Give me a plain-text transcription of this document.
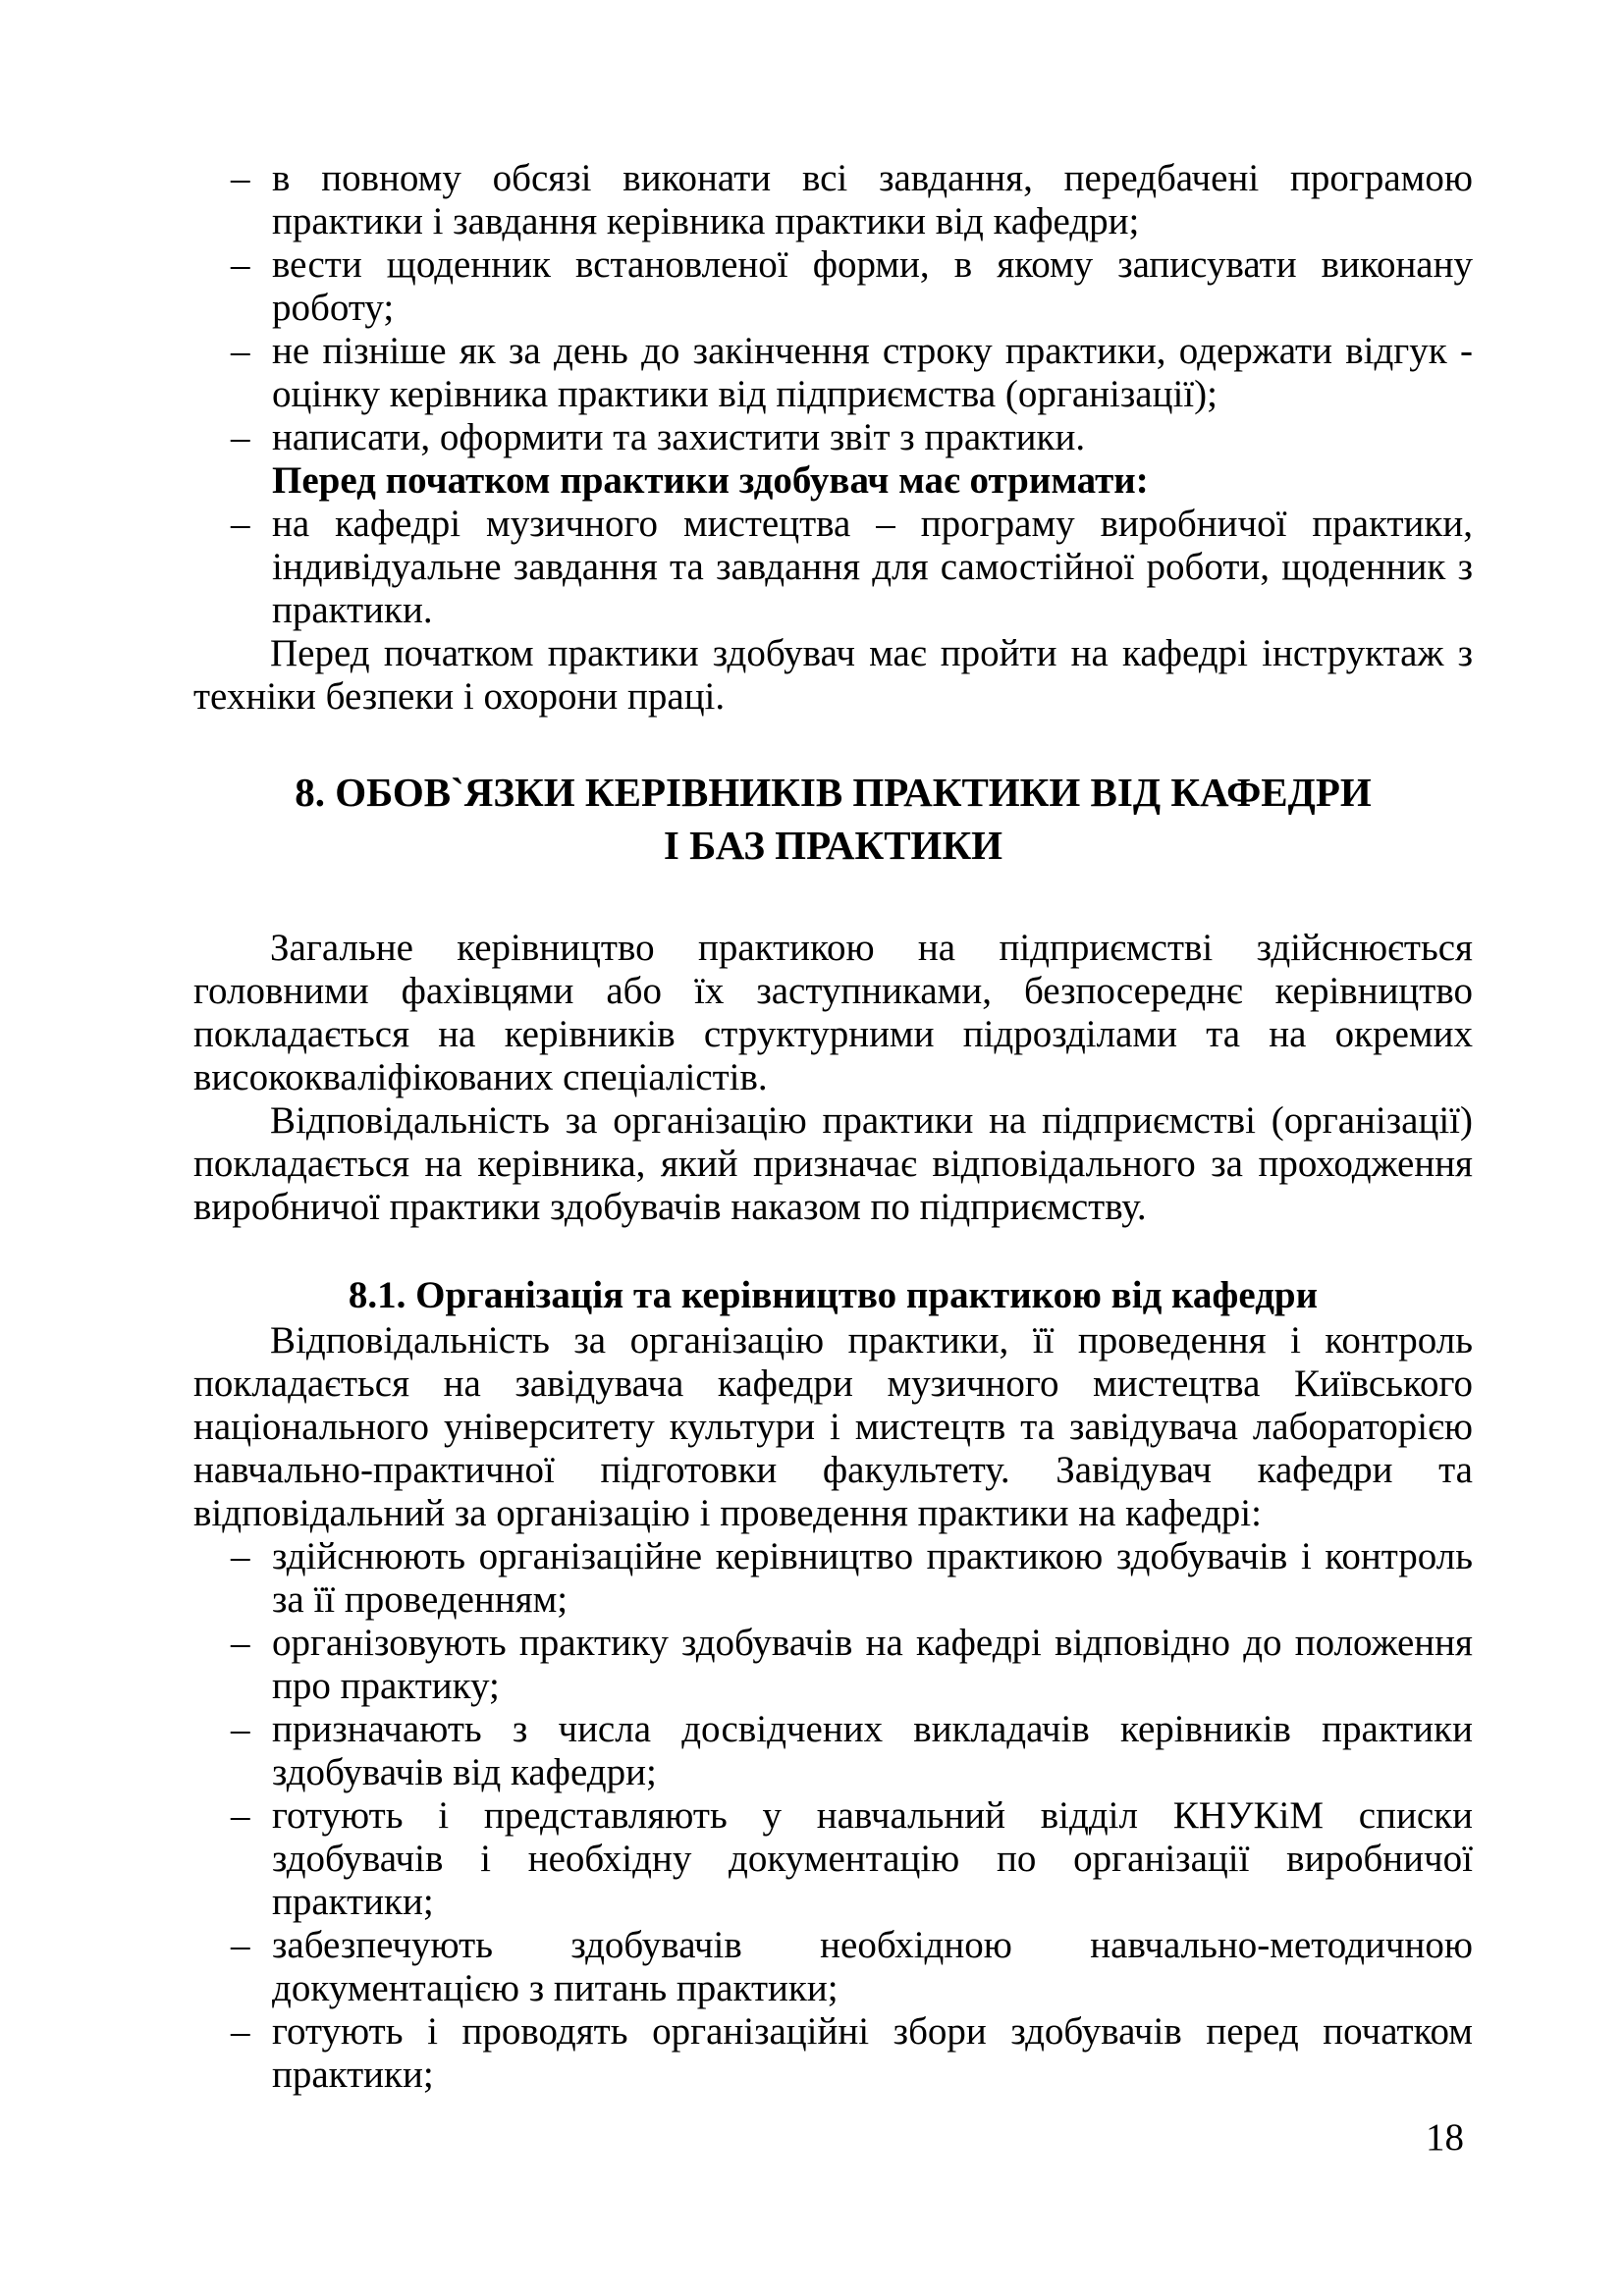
– в повному обсязі виконати всі завдання, передбачені програмою
практики і завдання керівника практики від кафедри;
– вести щоденник встановленої форми, в якому записувати виконану
роботу;
– не пізніше як за день до закінчення строку практики, одержати відгук -
оцінку керівника практики від підприємства (організації);
– написати, оформити та захистити звіт з практики.
Перед початком практики здобувач має отримати:
– на кафедрі музичного мистецтва – програму виробничої практики,
індивідуальне завдання та завдання для самостійної роботи, щоденник з
практики.
Перед початком практики здобувач має пройти на кафедрі інструктаж з
техніки безпеки і охорони праці.
8. ОБОВ`ЯЗКИ КЕРІВНИКІВ ПРАКТИКИ ВІД КАФЕДРИ
І БАЗ ПРАКТИКИ
Загальне керівництво практикою на підприємстві здійснюється
головними фахівцями або їх заступниками, безпосереднє керівництво
покладається на керівників структурними підрозділами та на окремих
висококваліфікованих спеціалістів.
Відповідальність за організацію практики на підприємстві (організації)
покладається на керівника, який призначає відповідального за проходження
виробничої практики здобувачів наказом по підприємству.
8.1. Організація та керівництво практикою від кафедри
Відповідальність за організацію практики, її проведення і контроль
покладається на завідувача кафедри музичного мистецтва Київського
національного університету культури і мистецтв та завідувача лабораторією
навчально-практичної підготовки факультету. Завідувач кафедри та
відповідальний за організацію і проведення практики на кафедрі:
– здійснюють організаційне керівництво практикою здобувачів і контроль
за її проведенням;
– організовують практику здобувачів на кафедрі відповідно до положення
про практику;
– призначають з числа досвідчених викладачів керівників практики
здобувачів від кафедри;
– готують і представляють у навчальний відділ КНУКіМ списки
здобувачів і необхідну документацію по організації виробничої
практики;
– забезпечують здобувачів необхідною навчально-методичною
документацією з питань практики;
– готують і проводять організаційні збори здобувачів перед початком
практики;
18
